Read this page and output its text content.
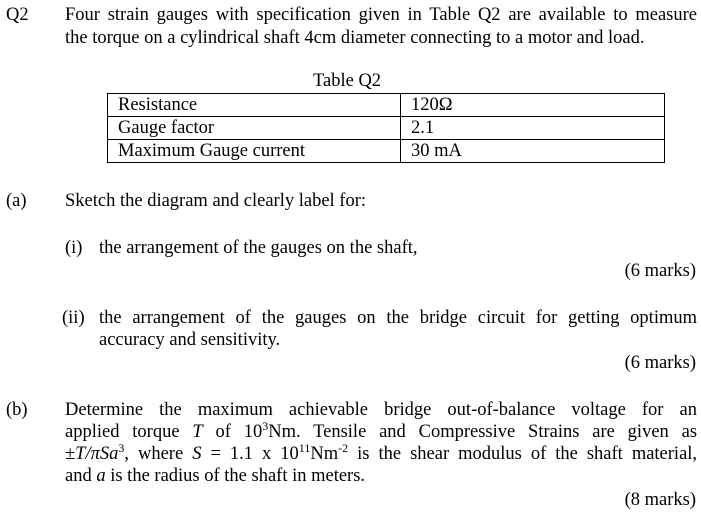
Q2 Four strain gauges with specification given in Table Q2 are available to measure
the torque on a cylindrical shaft 4cm diameter connecting to a motor and load.
Table Q2
Resistance	120Ω
Gauge factor	2.1
Maximum Gauge current	30 mA
(a) Sketch the diagram and clearly label for:
(i) the arrangement of the gauges on the shaft,
(6 marks)
(ii) the arrangement of the gauges on the bridge circuit for getting optimum
accuracy and sensitivity.
(6 marks)
(b) Determine the maximum achievable bridge out-of-balance voltage for an
applied torque T of $10^3Nm$. Tensile and Compressive Strains are given as
±T/πSa$^3$, where S = 1.1 x $10^{11}Nm^{-2}$ is the shear modulus of the shaft material,
and a is the radius of the shaft in meters.
(8 marks)
